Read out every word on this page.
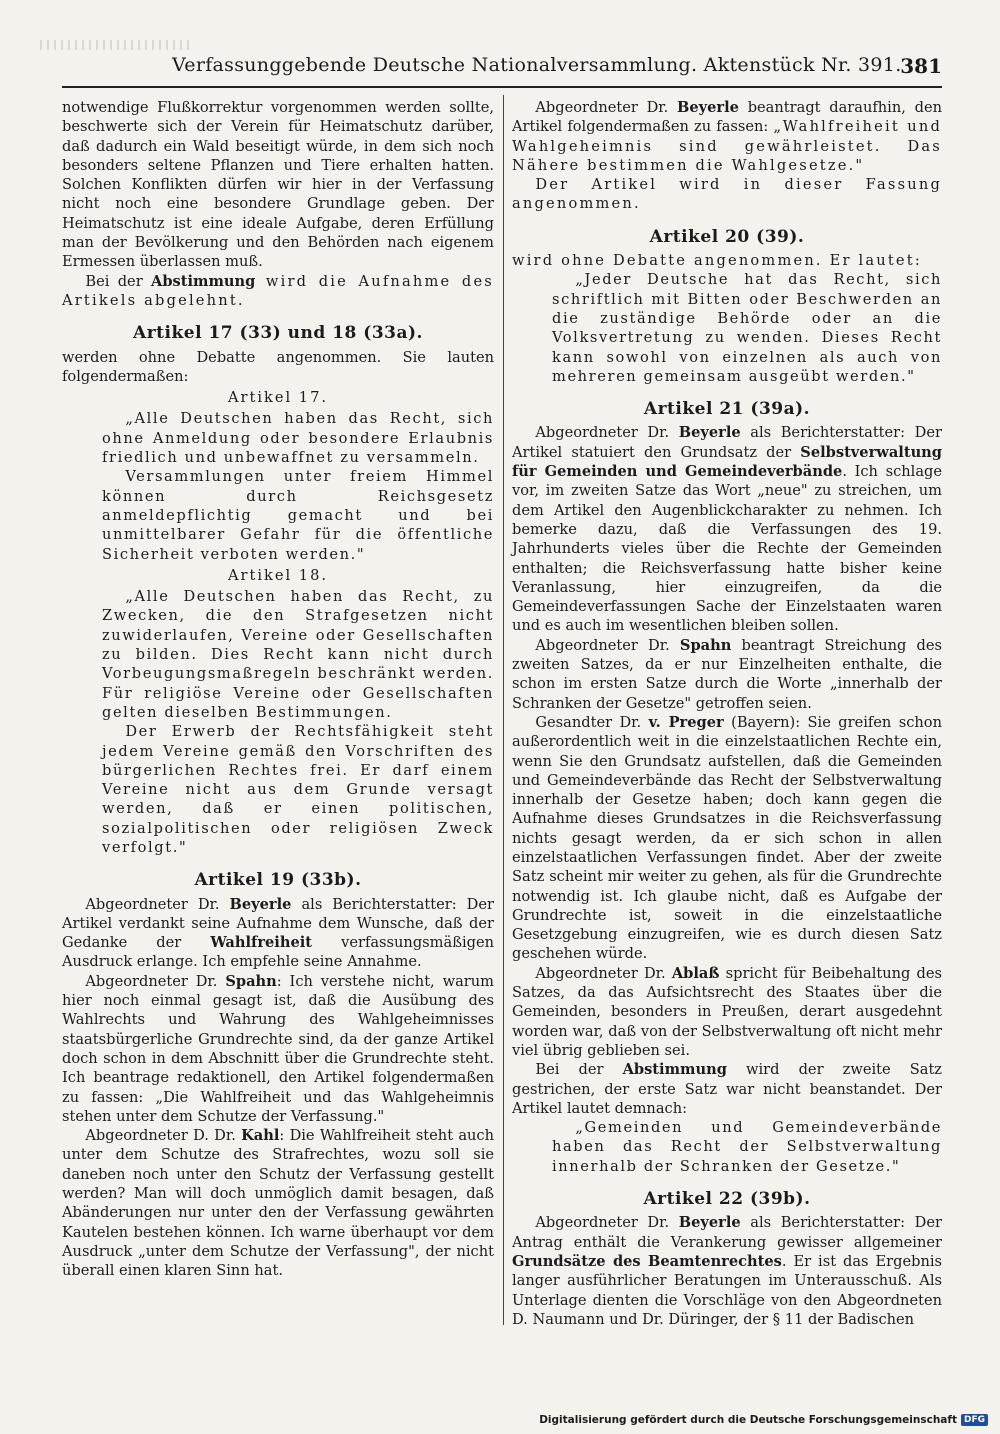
Verfassunggebende Deutsche Nationalversammlung. Aktenstück Nr. 391.
381

notwendige Flußkorrektur vorgenommen werden sollte, beschwerte sich der Verein für Heimatschutz darüber, daß dadurch ein Wald beseitigt würde, in dem sich noch besonders seltene Pflanzen und Tiere erhalten hatten. Solchen Konflikten dürfen wir hier in der Verfassung nicht noch eine besondere Grundlage geben. Der Heimatschutz ist eine ideale Aufgabe, deren Erfüllung man der Bevölkerung und den Behörden nach eigenem Ermessen überlassen muß.

Bei der Abstimmung wird die Aufnahme des Artikels abgelehnt.

Artikel 17 (33) und 18 (33a).

werden ohne Debatte angenommen. Sie lauten folgendermaßen:

Artikel 17.

„Alle Deutschen haben das Recht, sich ohne Anmeldung oder besondere Erlaubnis friedlich und unbewaffnet zu versammeln.

Versammlungen unter freiem Himmel können durch Reichsgesetz anmeldepflichtig gemacht und bei unmittelbarer Gefahr für die öffentliche Sicherheit verboten werden."

Artikel 18.

„Alle Deutschen haben das Recht, zu Zwecken, die den Strafgesetzen nicht zuwiderlaufen, Vereine oder Gesellschaften zu bilden. Dies Recht kann nicht durch Vorbeugungsmaßregeln beschränkt werden. Für religiöse Vereine oder Gesellschaften gelten dieselben Bestimmungen.

Der Erwerb der Rechtsfähigkeit steht jedem Vereine gemäß den Vorschriften des bürgerlichen Rechtes frei. Er darf einem Vereine nicht aus dem Grunde versagt werden, daß er einen politischen, sozialpolitischen oder religiösen Zweck verfolgt."

Artikel 19 (33b).

Abgeordneter Dr. Beyerle als Berichterstatter: Der Artikel verdankt seine Aufnahme dem Wunsche, daß der Gedanke der Wahlfreiheit verfassungsmäßigen Ausdruck erlange. Ich empfehle seine Annahme.

Abgeordneter Dr. Spahn: Ich verstehe nicht, warum hier noch einmal gesagt ist, daß die Ausübung des Wahlrechts und Wahrung des Wahlgeheimnisses staatsbürgerliche Grundrechte sind, da der ganze Artikel doch schon in dem Abschnitt über die Grundrechte steht. Ich beantrage redaktionell, den Artikel folgendermaßen zu fassen: „Die Wahlfreiheit und das Wahlgeheimnis stehen unter dem Schutze der Verfassung."

Abgeordneter D. Dr. Kahl: Die Wahlfreiheit steht auch unter dem Schutze des Strafrechtes, wozu soll sie daneben noch unter den Schutz der Verfassung gestellt werden? Man will doch unmöglich damit besagen, daß Abänderungen nur unter den der Verfassung gewährten Kautelen bestehen können. Ich warne überhaupt vor dem Ausdruck „unter dem Schutze der Verfassung", der nicht überall einen klaren Sinn hat.

Abgeordneter Dr. Beyerle beantragt daraufhin, den Artikel folgendermaßen zu fassen: „Wahlfreiheit und Wahlgeheimnis sind gewährleistet. Das Nähere bestimmen die Wahlgesetze."

Der Artikel wird in dieser Fassung angenommen.

Artikel 20 (39).

wird ohne Debatte angenommen. Er lautet:

„Jeder Deutsche hat das Recht, sich schriftlich mit Bitten oder Beschwerden an die zuständige Behörde oder an die Volksvertretung zu wenden. Dieses Recht kann sowohl von einzelnen als auch von mehreren gemeinsam ausgeübt werden."

Artikel 21 (39a).

Abgeordneter Dr. Beyerle als Berichterstatter: Der Artikel statuiert den Grundsatz der Selbstverwaltung für Gemeinden und Gemeindeverbände. Ich schlage vor, im zweiten Satze das Wort „neue" zu streichen, um dem Artikel den Augenblickcharakter zu nehmen. Ich bemerke dazu, daß die Verfassungen des 19. Jahrhunderts vieles über die Rechte der Gemeinden enthalten; die Reichsverfassung hatte bisher keine Veranlassung, hier einzugreifen, da die Gemeindeverfassungen Sache der Einzelstaaten waren und es auch im wesentlichen bleiben sollen.

Abgeordneter Dr. Spahn beantragt Streichung des zweiten Satzes, da er nur Einzelheiten enthalte, die schon im ersten Satze durch die Worte „innerhalb der Schranken der Gesetze" getroffen seien.

Gesandter Dr. v. Preger (Bayern): Sie greifen schon außerordentlich weit in die einzelstaatlichen Rechte ein, wenn Sie den Grundsatz aufstellen, daß die Gemeinden und Gemeindeverbände das Recht der Selbstverwaltung innerhalb der Gesetze haben; doch kann gegen die Aufnahme dieses Grundsatzes in die Reichsverfassung nichts gesagt werden, da er sich schon in allen einzelstaatlichen Verfassungen findet. Aber der zweite Satz scheint mir weiter zu gehen, als für die Grundrechte notwendig ist. Ich glaube nicht, daß es Aufgabe der Grundrechte ist, soweit in die einzelstaatliche Gesetzgebung einzugreifen, wie es durch diesen Satz geschehen würde.

Abgeordneter Dr. Ablaß spricht für Beibehaltung des Satzes, da das Aufsichtsrecht des Staates über die Gemeinden, besonders in Preußen, derart ausgedehnt worden war, daß von der Selbstverwaltung oft nicht mehr viel übrig geblieben sei.

Bei der Abstimmung wird der zweite Satz gestrichen, der erste Satz war nicht beanstandet. Der Artikel lautet demnach:

„Gemeinden und Gemeindeverbände haben das Recht der Selbstverwaltung innerhalb der Schranken der Gesetze."

Artikel 22 (39b).

Abgeordneter Dr. Beyerle als Berichterstatter: Der Antrag enthält die Verankerung gewisser allgemeiner Grundsätze des Beamtenrechtes. Er ist das Ergebnis langer ausführlicher Beratungen im Unterausschuß. Als Unterlage dienten die Vorschläge von den Abgeordneten D. Naumann und Dr. Düringer, der § 11 der Badischen

Digitalisierung gefördert durch die Deutsche Forschungsgemeinschaft DFG
